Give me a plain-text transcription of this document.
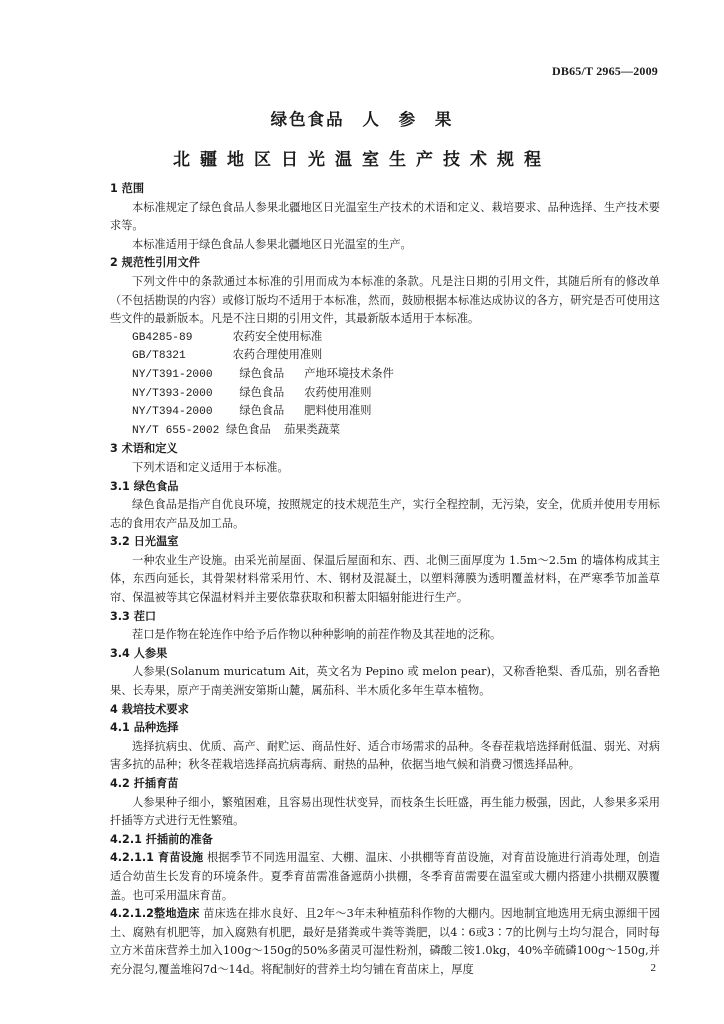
DB65/T 2965—2009
绿色食品 人 参 果
北疆地区日光温室生产技术规程

1 范围

本标准规定了绿色食品人参果北疆地区日光温室生产技术的术语和定义、栽培要求、品种选择、生产技术要求等。

本标准适用于绿色食品人参果北疆地区日光温室的生产。

2 规范性引用文件

下列文件中的条款通过本标准的引用而成为本标准的条款。凡是注日期的引用文件，其随后所有的修改单（不包括勘误的内容）或修订版均不适用于本标准，然而，鼓励根据本标准达成协议的各方，研究是否可使用这些文件的最新版本。凡是不注日期的引用文件，其最新版本适用于本标准。

GB4285-89      农药安全使用标准

GB/T8321       农药合理使用准则

NY/T391-2000    绿色食品   产地环境技术条件

NY/T393-2000    绿色食品   农药使用准则

NY/T394-2000    绿色食品   肥料使用准则

NY/T 655-2002 绿色食品  茄果类蔬菜

3 术语和定义

下列术语和定义适用于本标准。

3.1 绿色食品

绿色食品是指产自优良环境，按照规定的技术规范生产，实行全程控制，无污染，安全，优质并使用专用标志的食用农产品及加工品。

3.2 日光温室

一种农业生产设施。由采光前屋面、保温后屋面和东、西、北侧三面厚度为 1.5m～2.5m 的墙体构成其主体，东西向延长，其骨架材料常采用竹、木、钢材及混凝土，以塑料薄膜为透明覆盖材料，在严寒季节加盖草帘、保温被等其它保温材料并主要依靠获取和积蓄太阳辐射能进行生产。

3.3 茬口

茬口是作物在轮连作中给予后作物以种种影响的前茬作物及其茬地的泛称。

3.4 人参果

人参果(Solanum muricatum Ait，英文名为 Pepino 或 melon pear)，又称香艳梨、香瓜茄，别名香艳果、长寿果，原产于南美洲安第斯山麓，属茄科、半木质化多年生草本植物。

4 栽培技术要求

4.1 品种选择

选择抗病虫、优质、高产、耐贮运、商品性好、适合市场需求的品种。冬春茬栽培选择耐低温、弱光、对病害多抗的品种；秋冬茬栽培选择高抗病毒病、耐热的品种，依据当地气候和消费习惯选择品种。

4.2 扦插育苗

人参果种子细小，繁殖困难，且容易出现性状变异，而枝条生长旺盛，再生能力极强，因此，人参果多采用扦插等方式进行无性繁殖。

4.2.1 扦插前的准备

4.2.1.1 育苗设施 根据季节不同选用温室、大棚、温床、小拱棚等育苗设施，对育苗设施进行消毒处理，创造适合幼苗生长发育的环境条件。夏季育苗需准备遮荫小拱棚，冬季育苗需要在温室或大棚内搭建小拱棚双膜覆盖。也可采用温床育苗。

4.2.1.2整地造床 苗床选在排水良好、且2年～3年未种植茄科作物的大棚内。因地制宜地选用无病虫源细干园土、腐熟有机肥等，加入腐熟有机肥，最好是猪粪或牛粪等粪肥，以4∶6或3∶7的比例与土均匀混合，同时每立方米苗床营养土加入100g～150g的50%多菌灵可湿性粉剂，磷酸二铵1.0kg，40%辛硫磷100g～150g,并充分混匀,覆盖堆闷7d～14d。将配制好的营养土均匀铺在育苗床上，厚度	2
